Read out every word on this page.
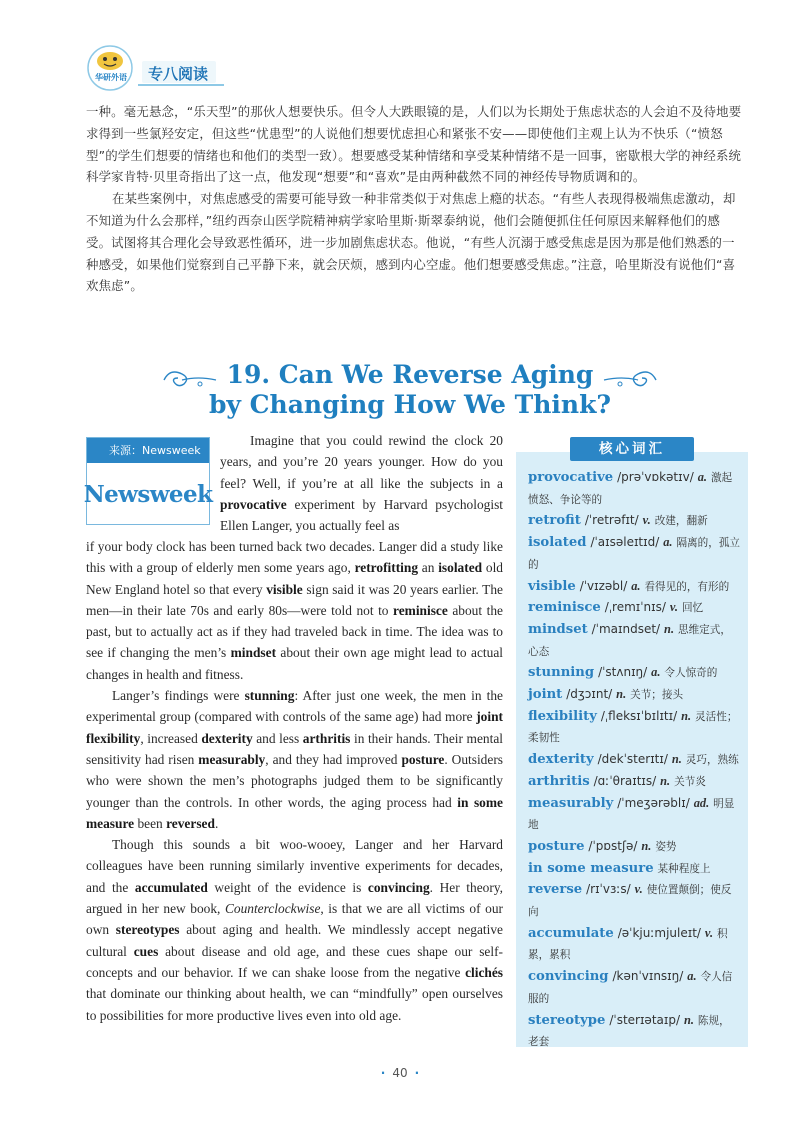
华研外语	专八阅读

一种。毫无悬念，“乐天型”的那伙人想要快乐。但令人大跌眼镜的是，人们以为长期处于焦虑状态的人会迫不及待地要求得到一些氯羟安定，但这些“忧患型”的人说他们想要忧虑担心和紧张不安——即使他们主观上认为不快乐（“愤怒型”的学生们想要的情绪也和他们的类型一致）。想要感受某种情绪和享受某种情绪不是一回事，密歇根大学的神经系统科学家肯特·贝里奇指出了这一点，他发现“想要”和“喜欢”是由两种截然不同的神经传导物质调和的。

在某些案例中，对焦虑感受的需要可能导致一种非常类似于对焦虑上瘾的状态。“有些人表现得极端焦虑激动，却不知道为什么会那样，”纽约西奈山医学院精神病学家哈里斯·斯翠泰纳说，他们会随便抓住任何原因来解释他们的感受。试图将其合理化会导致恶性循环，进一步加剧焦虑状态。他说，“有些人沉溺于感受焦虑是因为那是他们熟悉的一种感受，如果他们觉察到自己平静下来，就会厌烦，感到内心空虚。他们想要感受焦虑。”注意，哈里斯没有说他们“喜欢焦虑”。

19. Can We Reverse Aging
by Changing How We Think?
来源：Newsweek
Newsweek

Imagine that you could rewind the clock 20 years, and you’re 20 years younger. How do you feel? Well, if you’re at all like the subjects in a provocative experiment by Harvard psychologist Ellen Langer, you actually feel as

if your body clock has been turned back two decades. Langer did a study like this with a group of elderly men some years ago, retrofitting an isolated old New England hotel so that every visible sign said it was 20 years earlier. The men—in their late 70s and early 80s—were told not to reminisce about the past, but to actually act as if they had traveled back in time. The idea was to see if changing the men’s mindset about their own age might lead to actual changes in health and fitness.

Langer’s findings were stunning: After just one week, the men in the experimental group (compared with controls of the same age) had more joint flexibility, increased dexterity and less arthritis in their hands. Their mental sensitivity had risen measurably, and they had improved posture. Outsiders who were shown the men’s photographs judged them to be significantly younger than the controls. In other words, the aging process had in some measure been reversed.

Though this sounds a bit woo-wooey, Langer and her Harvard colleagues have been running similarly inventive experiments for decades, and the accumulated weight of the evidence is convincing. Her theory, argued in her new book, Counterclockwise, is that we are all victims of our own stereotypes about aging and health. We mindlessly accept negative cultural cues about disease and old age, and these cues shape our self-concepts and our behavior. If we can shake loose from the negative clichés that dominate our thinking about health, we can “mindfully” open ourselves to possibilities for more productive lives even into old age.

provocative /prəˈvɒkətɪv/ a. 激起愤怒、争论等的
retrofit /ˈretrəfɪt/ v. 改建，翻新
isolated /ˈaɪsəleɪtɪd/ a. 隔离的，孤立的
visible /ˈvɪzəbl/ a. 看得见的，有形的
reminisce /ˌremɪˈnɪs/ v. 回忆
mindset /ˈmaɪndset/ n. 思维定式，心态
stunning /ˈstʌnɪŋ/ a. 令人惊奇的
joint /dʒɔɪnt/ n. 关节；接头
flexibility /ˌfleksɪˈbɪlɪtɪ/ n. 灵活性；柔韧性
dexterity /dekˈsterɪtɪ/ n. 灵巧，熟练
arthritis /ɑːˈθraɪtɪs/ n. 关节炎
measurably /ˈmeʒərəblɪ/ ad. 明显地
posture /ˈpɒstʃə/ n. 姿势
in some measure 某种程度上
reverse /rɪˈvɜːs/ v. 使位置颠倒；使反向
accumulate /əˈkjuːmjuleɪt/ v. 积累，累积
convincing /kənˈvɪnsɪŋ/ a. 令人信服的
stereotype /ˈsterɪətaɪp/ n. 陈规，老套
核心词汇
· 40 ·
